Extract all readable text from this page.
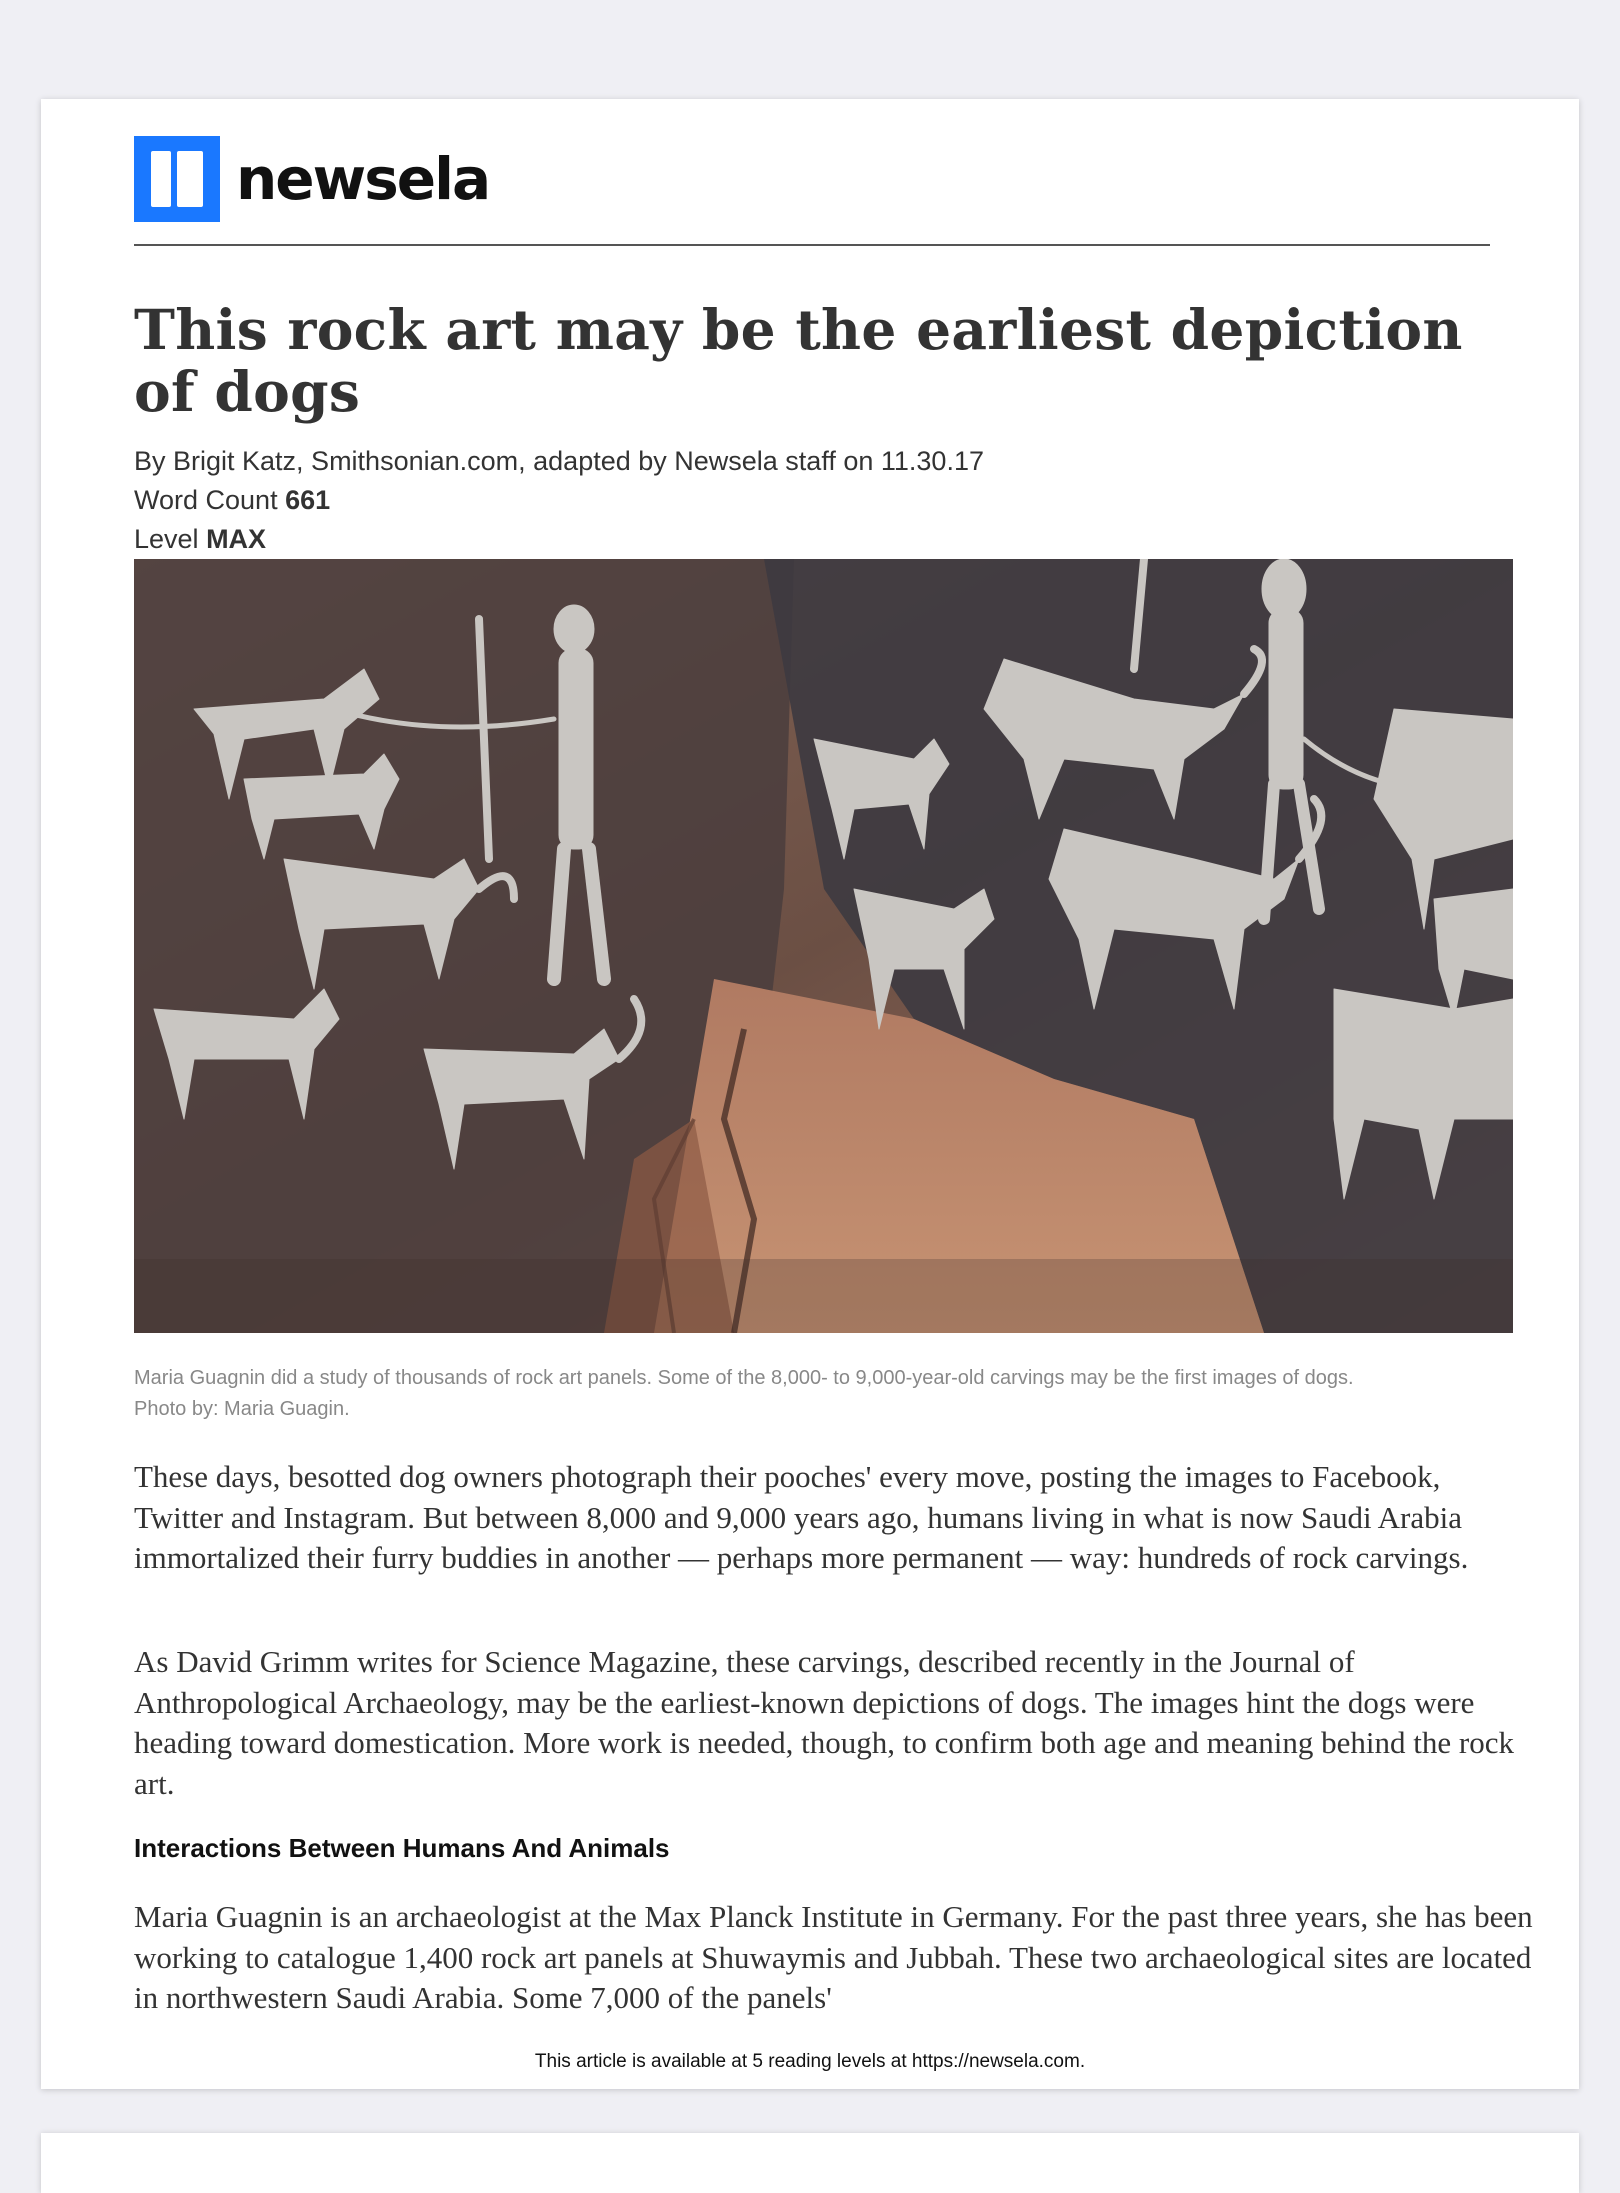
newsela
This rock art may be the earliest depiction of dogs
By Brigit Katz, Smithsonian.com, adapted by Newsela staff on 11.30.17
Word Count 661
Level MAX
Maria Guagnin did a study of thousands of rock art panels. Some of the 8,000- to 9,000-year-old carvings may be the first images of dogs.
Photo by: Maria Guagin.

These days, besotted dog owners photograph their pooches' every move, posting the images to Facebook, Twitter and Instagram. But between 8,000 and 9,000 years ago, humans living in what is now Saudi Arabia immortalized their furry buddies in another — perhaps more permanent — way: hundreds of rock carvings.

As David Grimm writes for Science Magazine, these carvings, described recently in the Journal of Anthropological Archaeology, may be the earliest-known depictions of dogs. The images hint the dogs were heading toward domestication. More work is needed, though, to confirm both age and meaning behind the rock art.

Interactions Between Humans And Animals

Maria Guagnin is an archaeologist at the Max Planck Institute in Germany. For the past three years, she has been working to catalogue 1,400 rock art panels at Shuwaymis and Jubbah. These two archaeological sites are located in northwestern Saudi Arabia. Some 7,000 of the panels'

This article is available at 5 reading levels at https://newsela.com.
